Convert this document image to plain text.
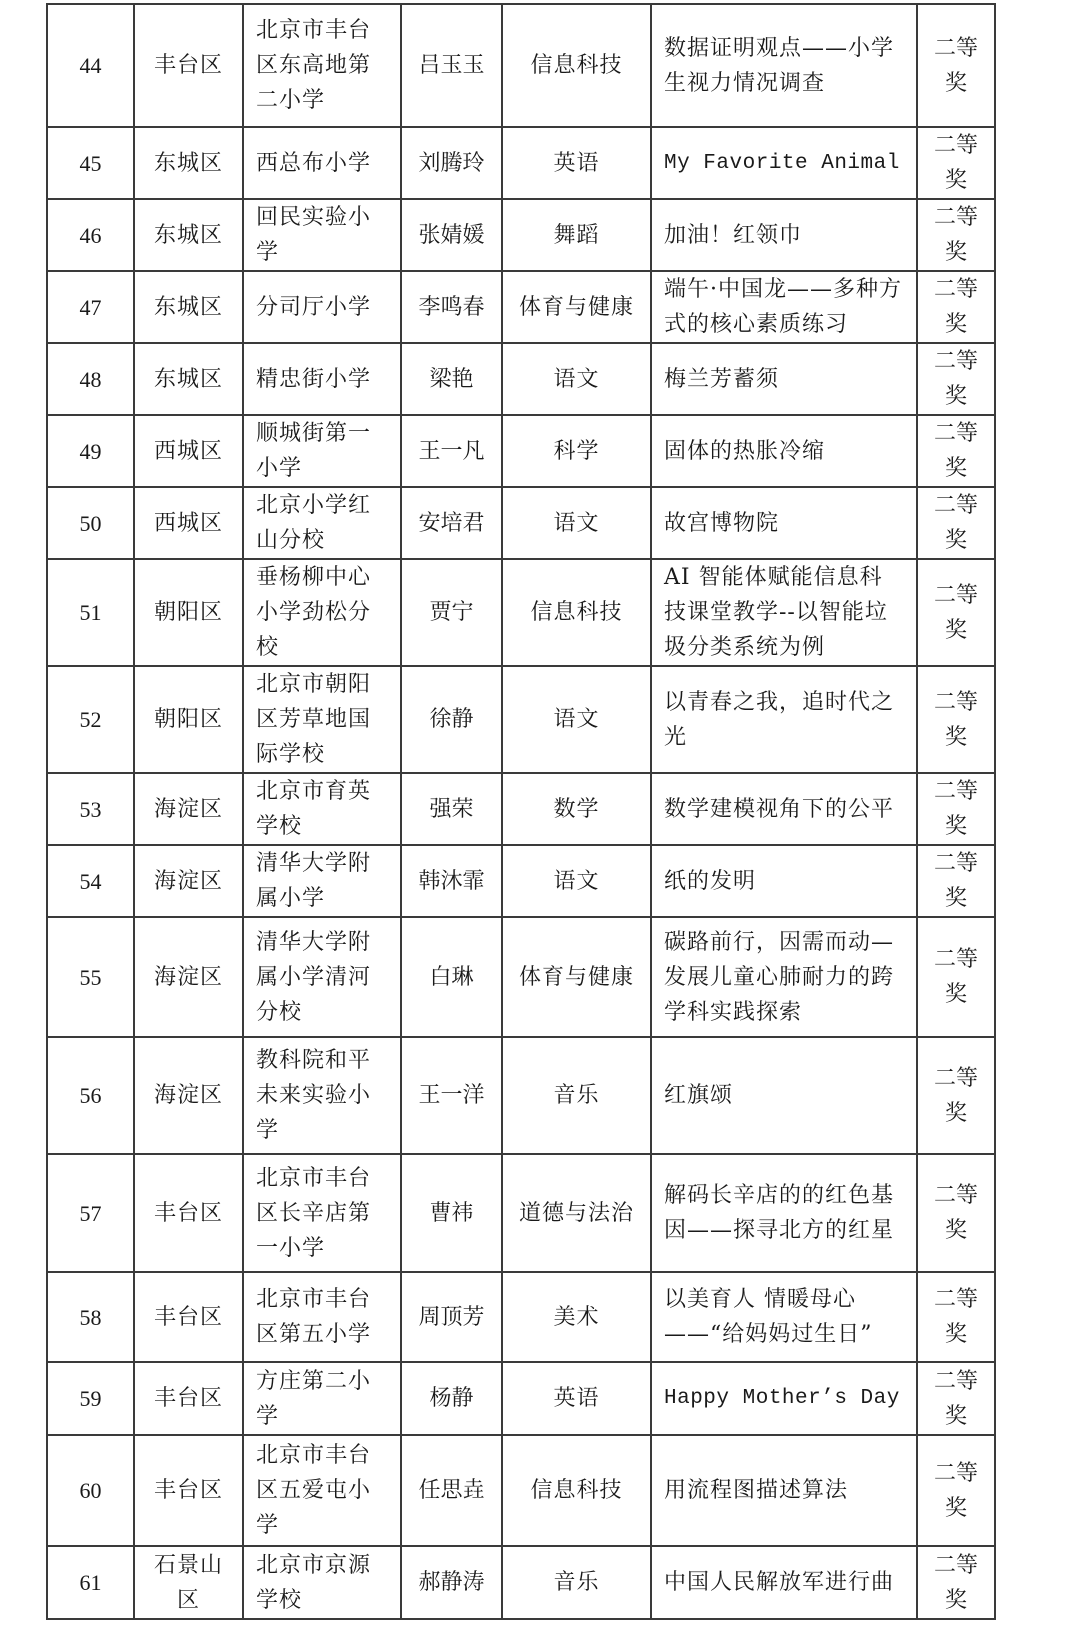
44	丰台区	北京市丰台区东高地第二小学	吕玉玉	信息科技	数据证明观点——小学生视力情况调查	二等奖
45	东城区	西总布小学	刘腾玲	英语	My Favorite Animal	二等奖
46	东城区	回民实验小学	张婧媛	舞蹈	加油！红领巾	二等奖
47	东城区	分司厅小学	李鸣春	体育与健康	端午·中国龙——多种方式的核心素质练习	二等奖
48	东城区	精忠街小学	梁艳	语文	梅兰芳蓄须	二等奖
49	西城区	顺城街第一小学	王一凡	科学	固体的热胀冷缩	二等奖
50	西城区	北京小学红山分校	安培君	语文	故宫博物院	二等奖
51	朝阳区	垂杨柳中心小学劲松分校	贾宁	信息科技	AI 智能体赋能信息科技课堂教学--以智能垃圾分类系统为例	二等奖
52	朝阳区	北京市朝阳区芳草地国际学校	徐静	语文	以青春之我，追时代之光	二等奖
53	海淀区	北京市育英学校	强荣	数学	数学建模视角下的公平	二等奖
54	海淀区	清华大学附属小学	韩沐霏	语文	纸的发明	二等奖
55	海淀区	清华大学附属小学清河分校	白琳	体育与健康	碳路前行，因需而动—发展儿童心肺耐力的跨学科实践探索	二等奖
56	海淀区	教科院和平未来实验小学	王一洋	音乐	红旗颂	二等奖
57	丰台区	北京市丰台区长辛店第一小学	曹祎	道德与法治	解码长辛店的的红色基因——探寻北方的红星	二等奖
58	丰台区	北京市丰台区第五小学	周顶芳	美术	以美育人 情暖母心——“给妈妈过生日”	二等奖
59	丰台区	方庄第二小学	杨静	英语	Happy Mother’s Day	二等奖
60	丰台区	北京市丰台区五爱屯小学	任思垚	信息科技	用流程图描述算法	二等奖
61	石景山区	北京市京源学校	郝静涛	音乐	中国人民解放军进行曲	二等奖
